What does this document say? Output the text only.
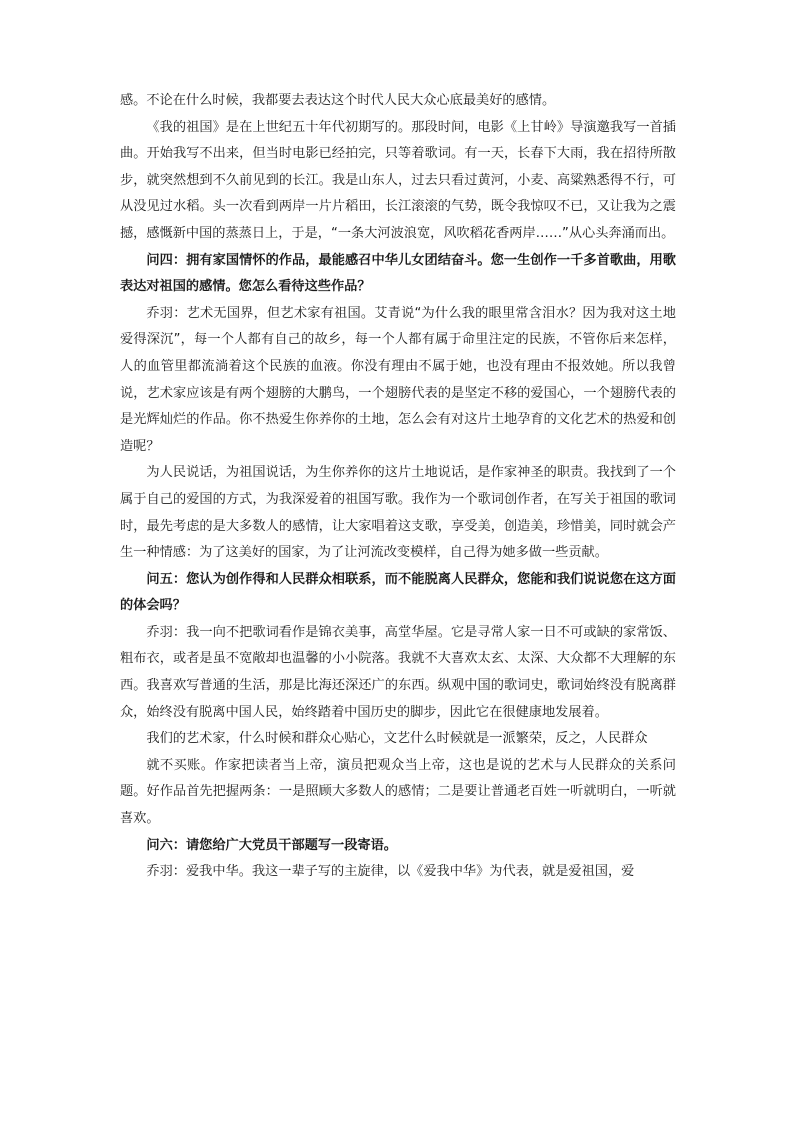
感。不论在什么时候，我都要去表达这个时代人民大众心底最美好的感情。

《我的祖国》是在上世纪五十年代初期写的。那段时间，电影《上甘岭》导演邀我写一首插曲。开始我写不出来，但当时电影已经拍完，只等着歌词。有一天，长春下大雨，我在招待所散步，就突然想到不久前见到的长江。我是山东人，过去只看过黄河，小麦、高粱熟悉得不行，可从没见过水稻。头一次看到两岸一片片稻田，长江滚滚的气势，既令我惊叹不已，又让我为之震撼，感慨新中国的蒸蒸日上，于是，“一条大河波浪宽，风吹稻花香两岸……”从心头奔涌而出。

问四：拥有家国情怀的作品，最能感召中华儿女团结奋斗。您一生创作一千多首歌曲，用歌表达对祖国的感情。您怎么看待这些作品？

乔羽：艺术无国界，但艺术家有祖国。艾青说“为什么我的眼里常含泪水？因为我对这土地爱得深沉”，每一个人都有自己的故乡，每一个人都有属于命里注定的民族，不管你后来怎样，人的血管里都流淌着这个民族的血液。你没有理由不属于她，也没有理由不报效她。所以我曾说，艺术家应该是有两个翅膀的大鹏鸟，一个翅膀代表的是坚定不移的爱国心，一个翅膀代表的是光辉灿烂的作品。你不热爱生你养你的土地，怎么会有对这片土地孕育的文化艺术的热爱和创造呢？

为人民说话，为祖国说话，为生你养你的这片土地说话，是作家神圣的职责。我找到了一个属于自己的爱国的方式，为我深爱着的祖国写歌。我作为一个歌词创作者，在写关于祖国的歌词时，最先考虑的是大多数人的感情，让大家唱着这支歌，享受美，创造美，珍惜美，同时就会产生一种情感：为了这美好的国家，为了让河流改变模样，自己得为她多做一些贡献。

问五：您认为创作得和人民群众相联系，而不能脱离人民群众，您能和我们说说您在这方面的体会吗？

乔羽：我一向不把歌词看作是锦衣美事，高堂华屋。它是寻常人家一日不可或缺的家常饭、粗布衣，或者是虽不宽敞却也温馨的小小院落。我就不大喜欢太玄、太深、大众都不大理解的东西。我喜欢写普通的生活，那是比海还深还广的东西。纵观中国的歌词史，歌词始终没有脱离群众，始终没有脱离中国人民，始终踏着中国历史的脚步，因此它在很健康地发展着。

我们的艺术家，什么时候和群众心贴心，文艺什么时候就是一派繁荣，反之，人民群众

就不买账。作家把读者当上帝，演员把观众当上帝，这也是说的艺术与人民群众的关系问题。好作品首先把握两条：一是照顾大多数人的感情；二是要让普通老百姓一听就明白，一听就喜欢。

问六：请您给广大党员干部题写一段寄语。

乔羽：爱我中华。我这一辈子写的主旋律，以《爱我中华》为代表，就是爱祖国，爱
